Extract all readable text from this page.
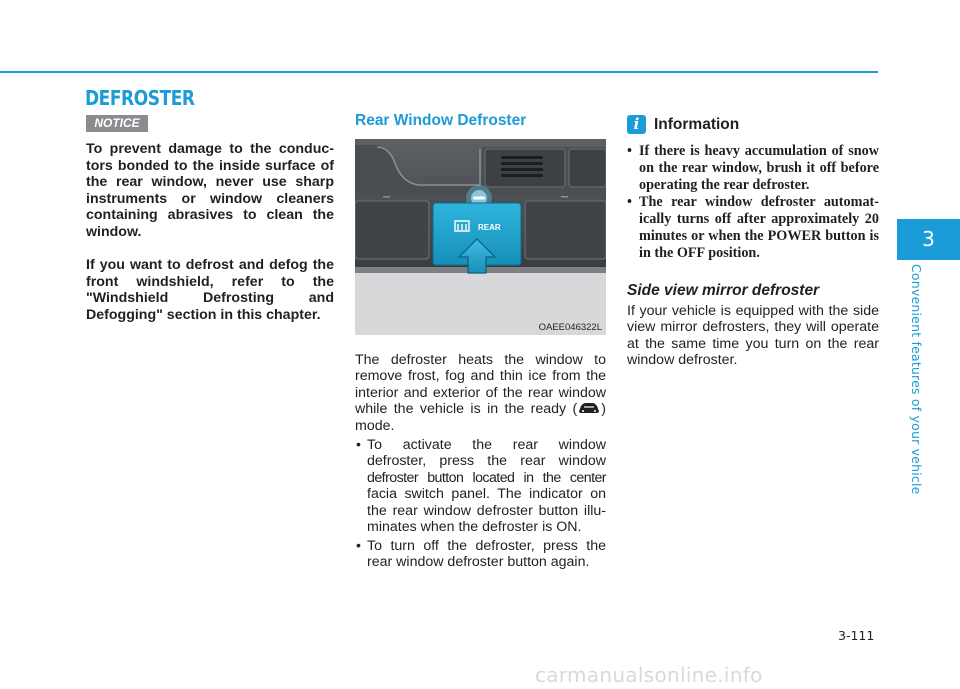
DEFROSTER
NOTICE

To prevent damage to the conduc-tors bonded to the inside surface of the rear window, never use sharp instruments or window cleaners containing abrasives to clean the window.

If you want to defrost and defog the front windshield, refer to the "Windshield Defrosting and Defogging" section in this chapter.

Rear Window Defroster
REAR
OAEE046322L

The defroster heats the window to remove frost, fog and thin ice from the interior and exterior of the rear window while the vehicle is in the ready ( ) mode.

• To activate the rear window
defroster, press the rear window
defroster button located in the center
facia switch panel. The indicator on
the rear window defroster button illu-
minates when the defroster is ON.
• To turn off the defroster, press the rear window defroster button again.
i Information
• If there is heavy accumulation of snow on the rear window, brush it off before operating the rear defroster.
• The rear window defroster automat-ically turns off after approximately 20 minutes or when the POWER button is in the OFF position.
Side view mirror defroster

If your vehicle is equipped with the side view mirror defrosters, they will operate at the same time you turn on the rear window defroster.

3
Convenient features of your vehicle
3-111
carmanualsonline.info
